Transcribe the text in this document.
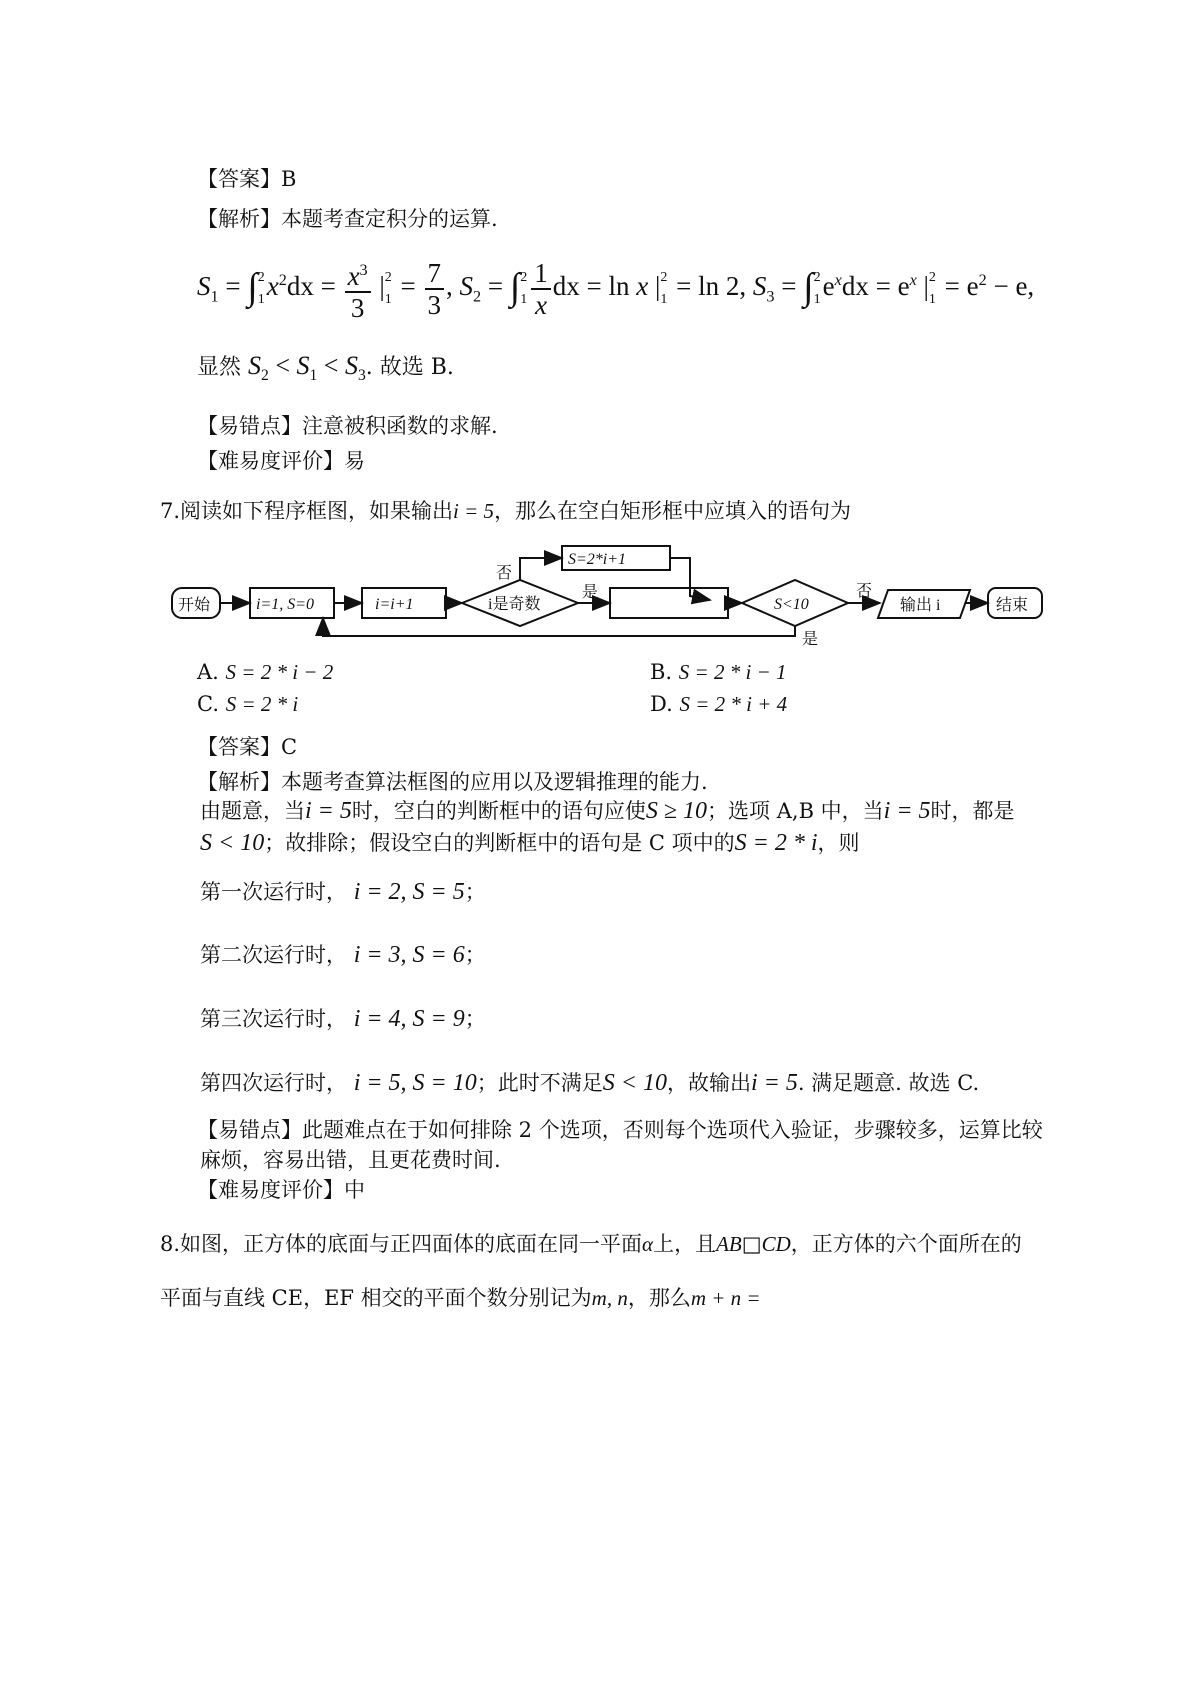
【答案】B
【解析】本题考查定积分的运算.
$S_1$ = ∫ 2
1 $x^2dx = \frac{x^3}{3}$ | 2
$1 = \frac{7}{3}$ , $S_2$ = ∫ 2
$1 \frac{1}{x}$ dx = ln x | 2
1 = ln 2, $S_3$ = ∫ 2
1 $e^xdx = e^x$ | 2
$1 = e^2 - e$,
显然 $S_2 < S_1 < S_3$. 故选 B.
【易错点】注意被积函数的求解.
【难易度评价】易
7.阅读如下程序框图，如果输出i = 5，那么在空白矩形框中应填入的语句为
开始	i=1, S=0	i=i+1	i是奇数
否
是
S=2*i+1
S<10
否
是
输出 i	结束
A. S = 2 * i − 2	B. S = 2 * i − 1
C. S = 2 * i	D. S = 2 * i + 4
【答案】C
【解析】本题考查算法框图的应用以及逻辑推理的能力.
由题意，当i = 5时，空白的判断框中的语句应使S ≥ 10；选项 A,B 中，当i = 5时，都是
S < 10；故排除；假设空白的判断框中的语句是 C 项中的S = 2 * i，则
第一次运行时， i = 2, S = 5；
第二次运行时， i = 3, S = 6；
第三次运行时， i = 4, S = 9；
第四次运行时， i = 5, S = 10；此时不满足S < 10，故输出i = 5. 满足题意. 故选 C.
【易错点】此题难点在于如何排除 2 个选项，否则每个选项代入验证，步骤较多，运算比较
麻烦，容易出错，且更花费时间.
【难易度评价】中
8.如图，正方体的底面与正四面体的底面在同一平面α上，且AB□CD，正方体的六个面所在的
平面与直线 CE，EF 相交的平面个数分别记为m, n，那么m + n =
